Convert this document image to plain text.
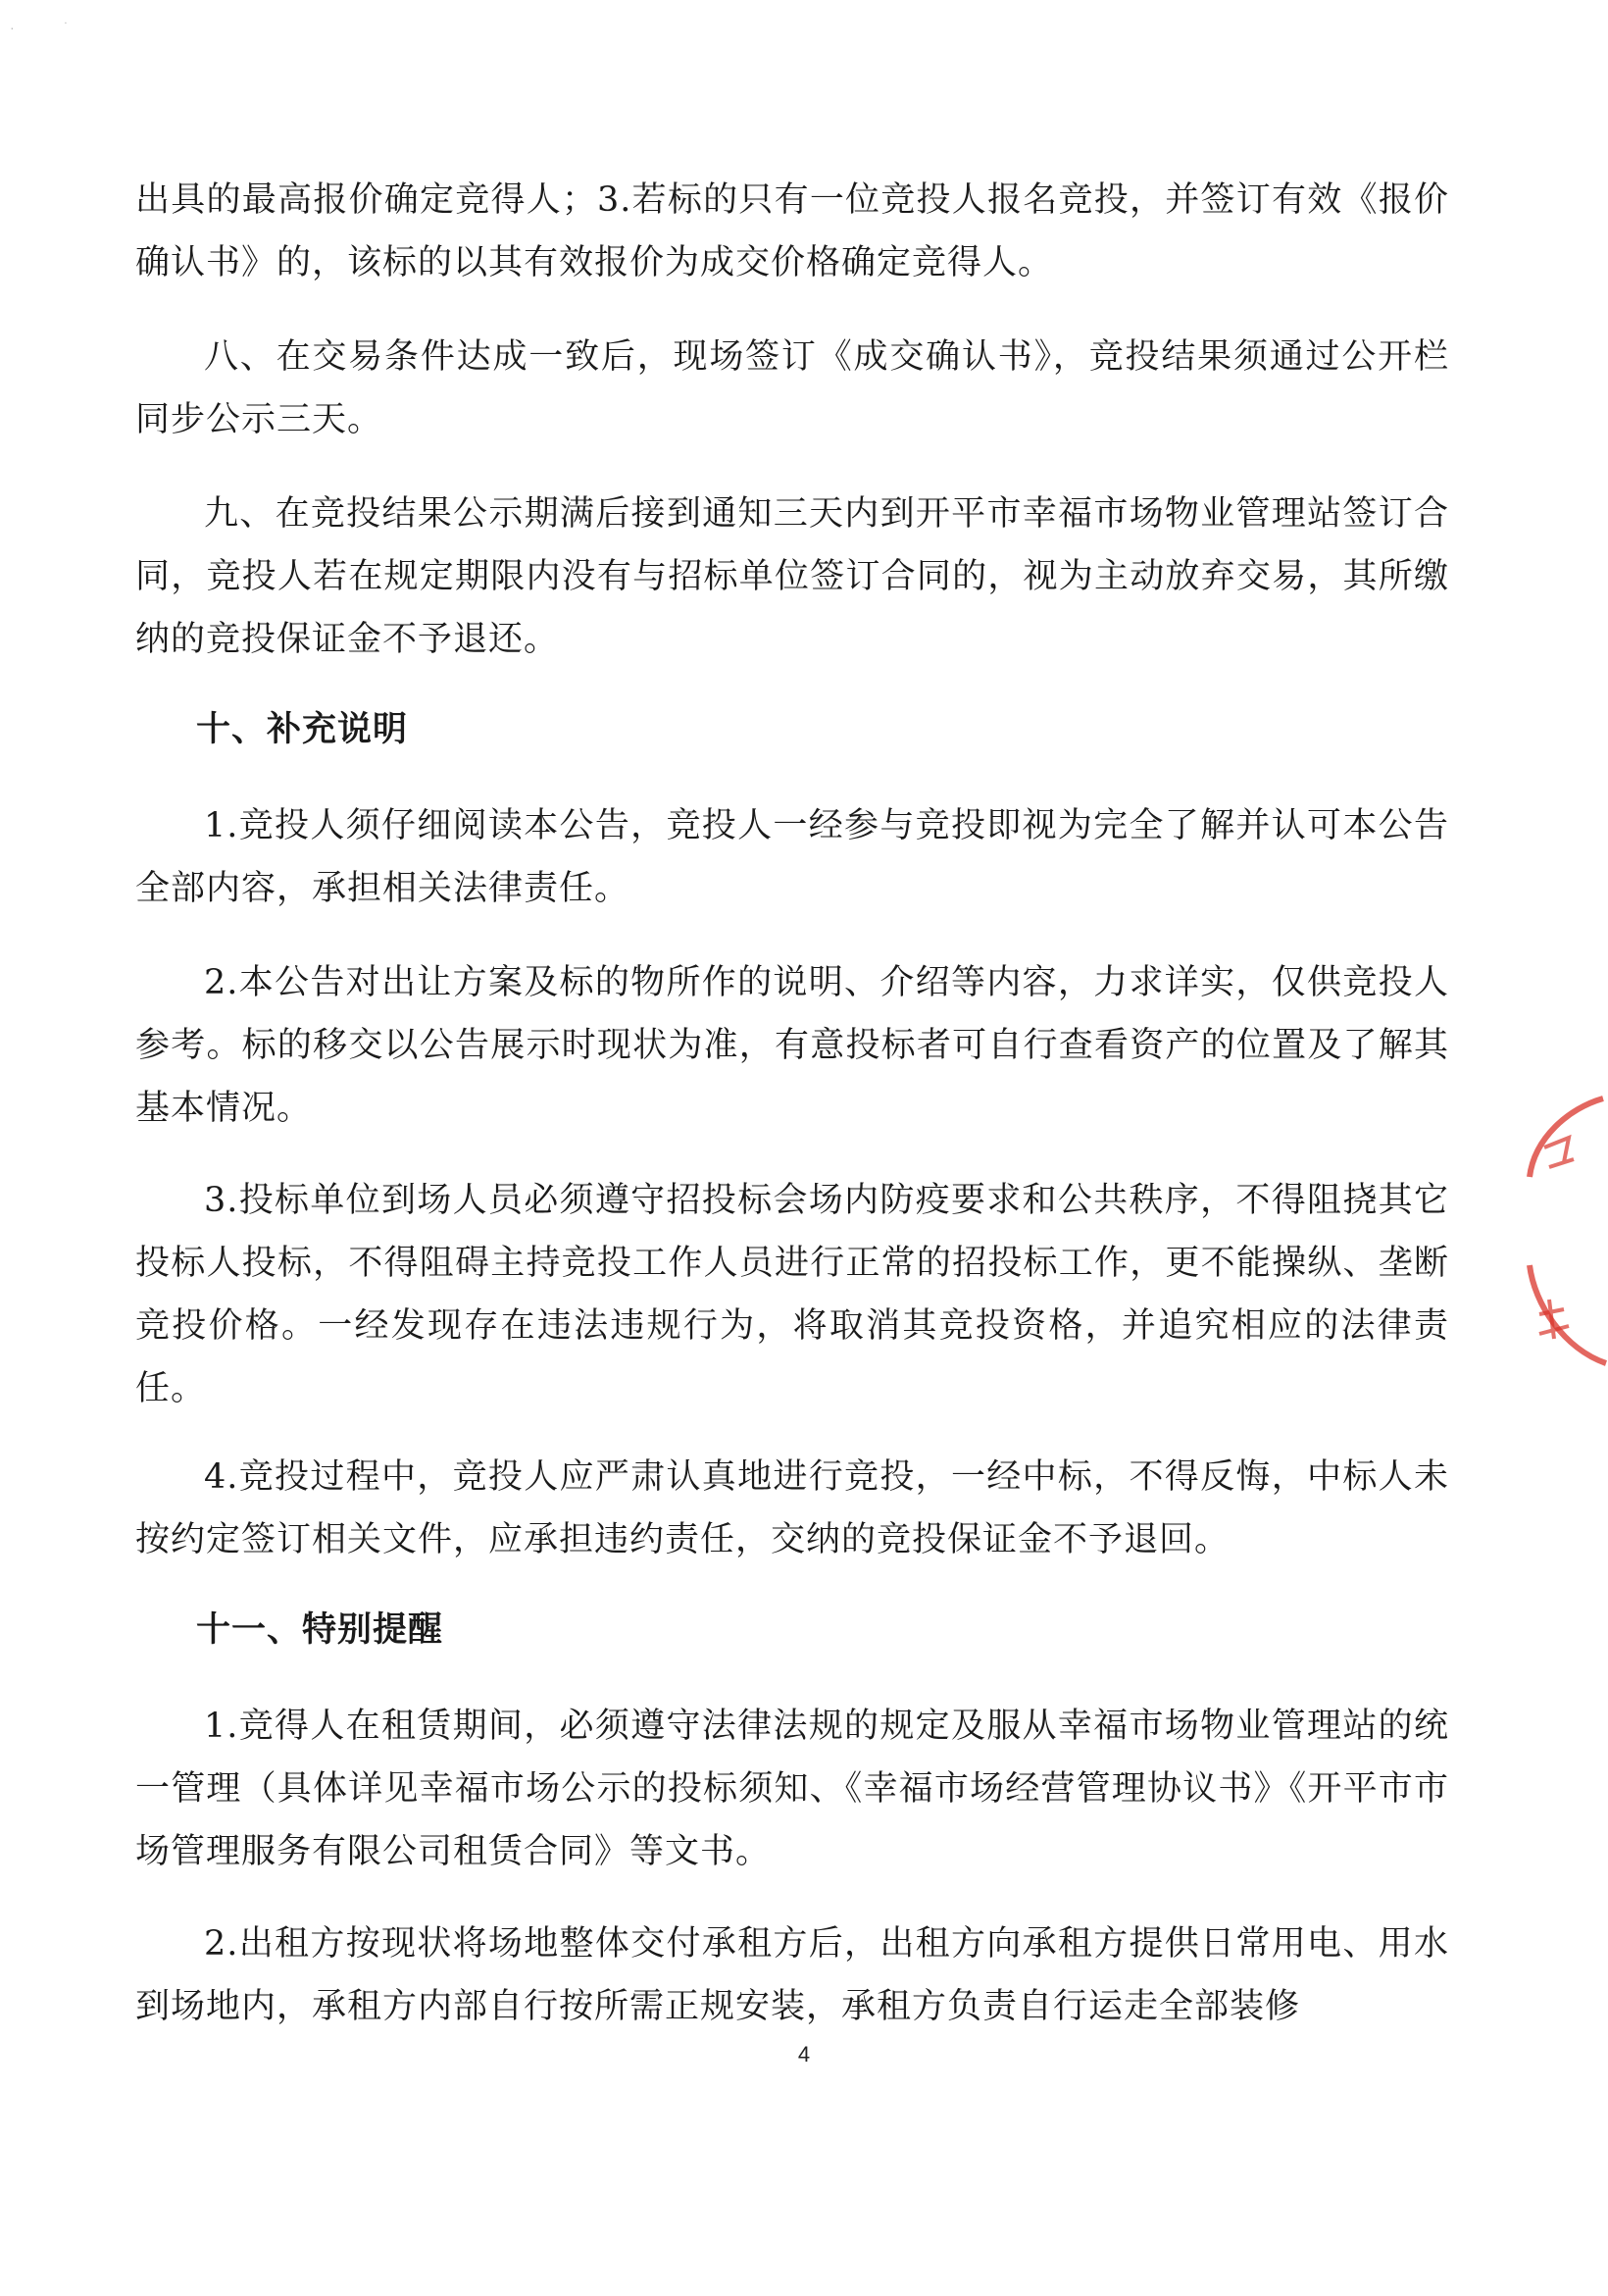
·             ˙

出具的最高报价确定竞得人；3.若标的只有一位竞投人报名竞投，并签订有效《报价确认书》的，该标的以其有效报价为成交价格确定竞得人。

八、在交易条件达成一致后，现场签订《成交确认书》，竞投结果须通过公开栏同步公示三天。

九、在竞投结果公示期满后接到通知三天内到开平市幸福市场物业管理站签订合同，竞投人若在规定期限内没有与招标单位签订合同的，视为主动放弃交易，其所缴纳的竞投保证金不予退还。

十、补充说明

1.竞投人须仔细阅读本公告，竞投人一经参与竞投即视为完全了解并认可本公告全部内容，承担相关法律责任。

2.本公告对出让方案及标的物所作的说明、介绍等内容，力求详实，仅供竞投人参考。标的移交以公告展示时现状为准，有意投标者可自行查看资产的位置及了解其基本情况。

3.投标单位到场人员必须遵守招投标会场内防疫要求和公共秩序，不得阻挠其它投标人投标，不得阻碍主持竞投工作人员进行正常的招投标工作，更不能操纵、垄断竞投价格。一经发现存在违法违规行为，将取消其竞投资格，并追究相应的法律责任。

4.竞投过程中，竞投人应严肃认真地进行竞投，一经中标，不得反悔，中标人未按约定签订相关文件，应承担违约责任，交纳的竞投保证金不予退回。

十一、特别提醒

1.竞得人在租赁期间，必须遵守法律法规的规定及服从幸福市场物业管理站的统一管理（具体详见幸福市场公示的投标须知、《幸福市场经营管理协议书》《开平市市场管理服务有限公司租赁合同》等文书。

2.出租方按现状将场地整体交付承租方后，出租方向承租方提供日常用电、用水到场地内，承租方内部自行按所需正规安装，承租方负责自行运走全部装修

4
